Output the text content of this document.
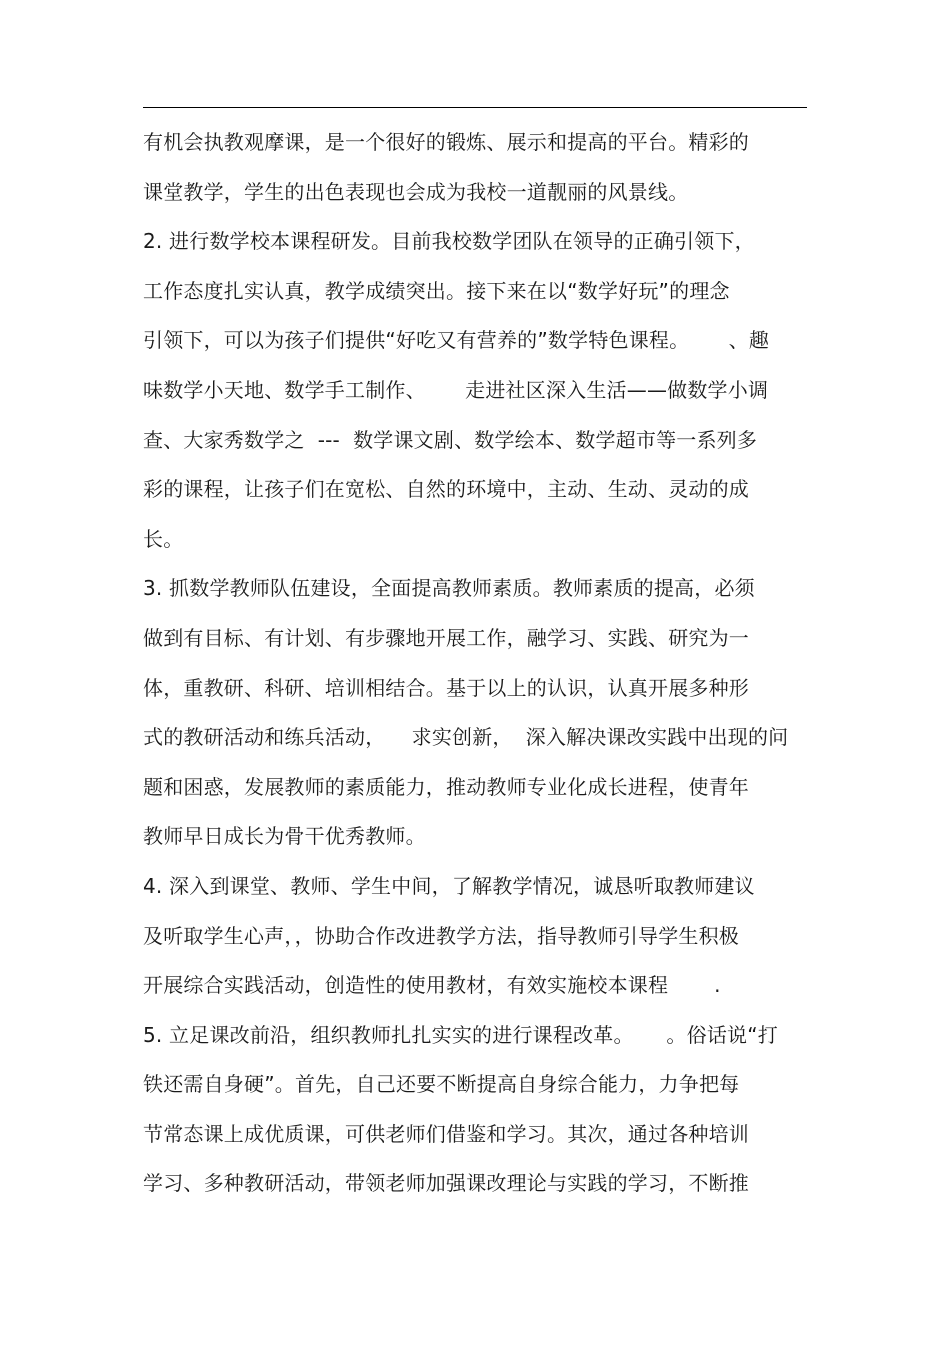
有机会执教观摩课，是一个很好的锻炼、展示和提高的平台。精彩的
课堂教学，学生的出色表现也会成为我校一道靓丽的风景线。
2. 进行数学校本课程研发。目前我校数学团队在领导的正确引领下，
工作态度扎实认真，教学成绩突出。接下来在以“数学好玩”的理念
引领下，可以为孩子们提供“好吃又有营养的”数学特色课程。      、趣
味数学小天地、数学手工制作、      走进社区深入生活——做数学小调
查、大家秀数学之  ---  数学课文剧、数学绘本、数学超市等一系列多
彩的课程，让孩子们在宽松、自然的环境中，主动、生动、灵动的成
长。
3. 抓数学教师队伍建设，全面提高教师素质。教师素质的提高，必须
做到有目标、有计划、有步骤地开展工作，融学习、实践、研究为一
体，重教研、科研、培训相结合。基于以上的认识，认真开展多种形
式的教研活动和练兵活动，    求实创新，  深入解决课改实践中出现的问
题和困惑，发展教师的素质能力，推动教师专业化成长进程，使青年
教师早日成长为骨干优秀教师。
4. 深入到课堂、教师、学生中间，了解教学情况，诚恳听取教师建议
及听取学生心声，，协助合作改进教学方法，指导教师引导学生积极
开展综合实践活动，创造性的使用教材，有效实施校本课程       .
5. 立足课改前沿，组织教师扎扎实实的进行课程改革。     。俗话说“打
铁还需自身硬”。首先，自己还要不断提高自身综合能力，力争把每
节常态课上成优质课，可供老师们借鉴和学习。其次，通过各种培训
学习、多种教研活动，带领老师加强课改理论与实践的学习，不断推
